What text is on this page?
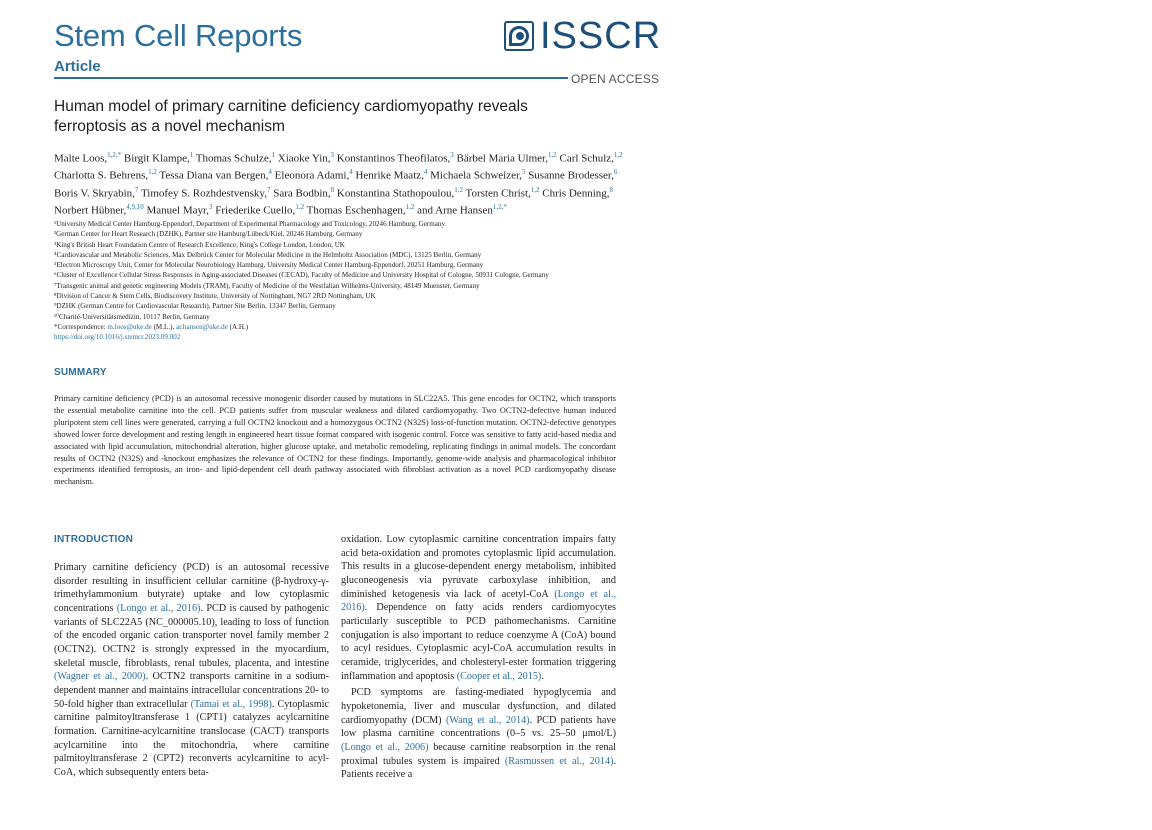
Stem Cell Reports
Article
OPEN ACCESS
ISSCR
Human model of primary carnitine deficiency cardiomyopathy reveals ferroptosis as a novel mechanism
Malte Loos,$^{1,2,*}$ Birgit Klampe,$^1$ Thomas Schulze,$^1$ Xiaoke Yin,$^3$ Konstantinos Theofilatos,$^3$ Bärbel Maria Ulmer,$^{1,2}$ Carl Schulz,$^{1,2}$ Charlotta S. Behrens,$^{1,2}$ Tessa Diana van Bergen,$^4$ Eleonora Adami,$^4$ Henrike Maatz,$^4$ Michaela Schweizer,$^5$ Susanne Brodesser,$^6$ Boris V. Skryabin,$^7$ Timofey S. Rozhdestvensky,$^7$ Sara Bodbin,$^8$ Konstantina Stathopoulou,$^{1,2}$ Torsten Christ,$^{1,2}$ Chris Denning,$^8$ Norbert Hübner,$^{4,9,10}$ Manuel Mayr,$^3$ Friederike Cuello,$^{1,2}$ Thomas Eschenhagen,$^{1,2}$ and Arne Hansen$^{1,2,*}$
¹University Medical Center Hamburg-Eppendorf, Department of Experimental Pharmacology and Toxicology, 20246 Hamburg, Germany
²German Center for Heart Research (DZHK), Partner site Hamburg/Lübeck/Kiel, 20246 Hamburg, Germany
³King's British Heart Foundation Centre of Research Excellence, King's College London, London, UK
⁴Cardiovascular and Metabolic Sciences, Max Delbrück Center for Molecular Medicine in the Helmholtz Association (MDC), 13125 Berlin, Germany
⁵Electron Microscopy Unit, Center for Molecular Neurobiology Hamburg, University Medical Center Hamburg-Eppendorf, 20251 Hamburg, Germany
⁶Cluster of Excellence Cellular Stress Responses in Aging-associated Diseases (CECAD), Faculty of Medicine and University Hospital of Cologne, 50931 Cologne, Germany
⁷Transgenic animal and genetic engineering Models (TRAM), Faculty of Medicine of the Westfalian Wilhelms-University, 48149 Muenster, Germany
⁸Division of Cancer & Stem Cells, Biodiscovery Institute, University of Nottingham, NG7 2RD Nottingham, UK
⁹DZHK (German Centre for Cardiovascular Research), Partner Site Berlin, 13347 Berlin, Germany
¹⁰Charité-Universitätsmedizin, 10117 Berlin, Germany
*Correspondence: m.loos@uke.de (M.L.), ar.hansen@uke.de (A.H.)
https://doi.org/10.1016/j.stemcr.2023.09.002
SUMMARY
Primary carnitine deficiency (PCD) is an autosomal recessive monogenic disorder caused by mutations in SLC22A5. This gene encodes for OCTN2, which transports the essential metabolite carnitine into the cell. PCD patients suffer from muscular weakness and dilated cardiomyopathy. Two OCTN2-defective human induced pluripotent stem cell lines were generated, carrying a full OCTN2 knockout and a homozygous OCTN2 (N32S) loss-of-function mutation. OCTN2-defective genotypes showed lower force development and resting length in engineered heart tissue format compared with isogenic control. Force was sensitive to fatty acid-based media and associated with lipid accumulation, mitochondrial alteration, higher glucose uptake, and metabolic remodeling, replicating findings in animal models. The concordant results of OCTN2 (N32S) and -knockout emphasizes the relevance of OCTN2 for these findings. Importantly, genome-wide analysis and pharmacological inhibitor experiments identified ferroptosis, an iron- and lipid-dependent cell death pathway associated with fibroblast activation as a novel PCD cardiomyopathy disease mechanism.
INTRODUCTION
Primary carnitine deficiency (PCD) is an autosomal recessive disorder resulting in insufficient cellular carnitine (β-hydroxy-γ-trimethylammonium butyrate) uptake and low cytoplasmic concentrations (Longo et al., 2016). PCD is caused by pathogenic variants of SLC22A5 (NC_000005.10), leading to loss of function of the encoded organic cation transporter novel family member 2 (OCTN2). OCTN2 is strongly expressed in the myocardium, skeletal muscle, fibroblasts, renal tubules, placenta, and intestine (Wagner et al., 2000). OCTN2 transports carnitine in a sodium-dependent manner and maintains intracellular concentrations 20- to 50-fold higher than extracellular (Tamai et al., 1998). Cytoplasmic carnitine palmitoyltransferase 1 (CPT1) catalyzes acylcarnitine formation. Carnitine-acylcarnitine translocase (CACT) transports acylcarnitine into the mitochondria, where carnitine palmitoyltransferase 2 (CPT2) reconverts acylcarnitine to acyl-CoA, which subsequently enters beta-
oxidation. Low cytoplasmic carnitine concentration impairs fatty acid beta-oxidation and promotes cytoplasmic lipid accumulation. This results in a glucose-dependent energy metabolism, inhibited gluconeogenesis via pyruvate carboxylase inhibition, and diminished ketogenesis via lack of acetyl-CoA (Longo et al., 2016). Dependence on fatty acids renders cardiomyocytes particularly susceptible to PCD pathomechanisms. Carnitine conjugation is also important to reduce coenzyme A (CoA) bound to acyl residues. Cytoplasmic acyl-CoA accumulation results in ceramide, triglycerides, and cholesteryl-ester formation triggering inflammation and apoptosis (Cooper et al., 2015).
PCD symptoms are fasting-mediated hypoglycemia and hypoketonemia, liver and muscular dysfunction, and dilated cardiomyopathy (DCM) (Wang et al., 2014). PCD patients have low plasma carnitine concentrations (0–5 vs. 25–50 μmol/L) (Longo et al., 2006) because carnitine reabsorption in the renal proximal tubules system is impaired (Rasmussen et al., 2014). Patients receive a
